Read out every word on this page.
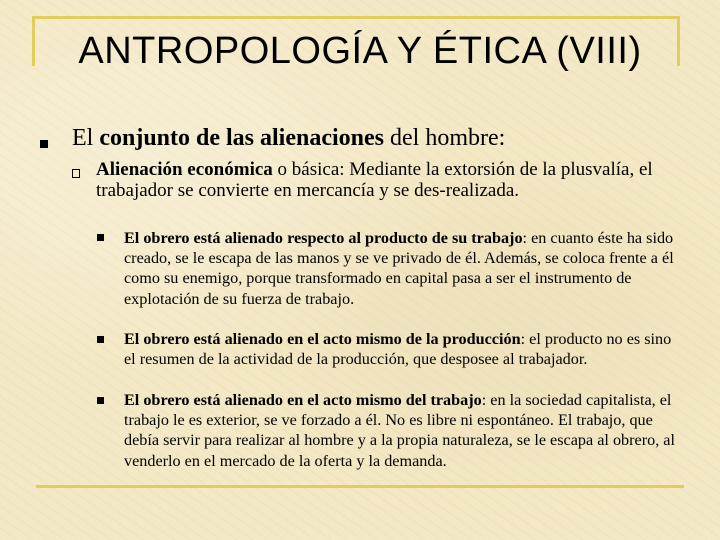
ANTROPOLOGÍA Y ÉTICA (VIII)
El conjunto de las alienaciones del hombre:
Alienación económica o básica: Mediante la extorsión de la plusvalía, el trabajador se convierte en mercancía y se des-realizada.
El obrero está alienado respecto al producto de su trabajo: en cuanto éste ha sido creado, se le escapa de las manos y se ve privado de él. Además, se coloca frente a él como su enemigo, porque transformado en capital pasa a ser el instrumento de explotación de su fuerza de trabajo.
El obrero está alienado en el acto mismo de la producción: el producto no es sino el resumen de la actividad de la producción, que desposee al trabajador.
El obrero está alienado en el acto mismo del trabajo: en la sociedad capitalista, el trabajo le es exterior, se ve forzado a él. No es libre ni espontáneo. El trabajo, que debía servir para realizar al hombre y a la propia naturaleza, se le escapa al obrero, al venderlo en el mercado de la oferta y la demanda.
